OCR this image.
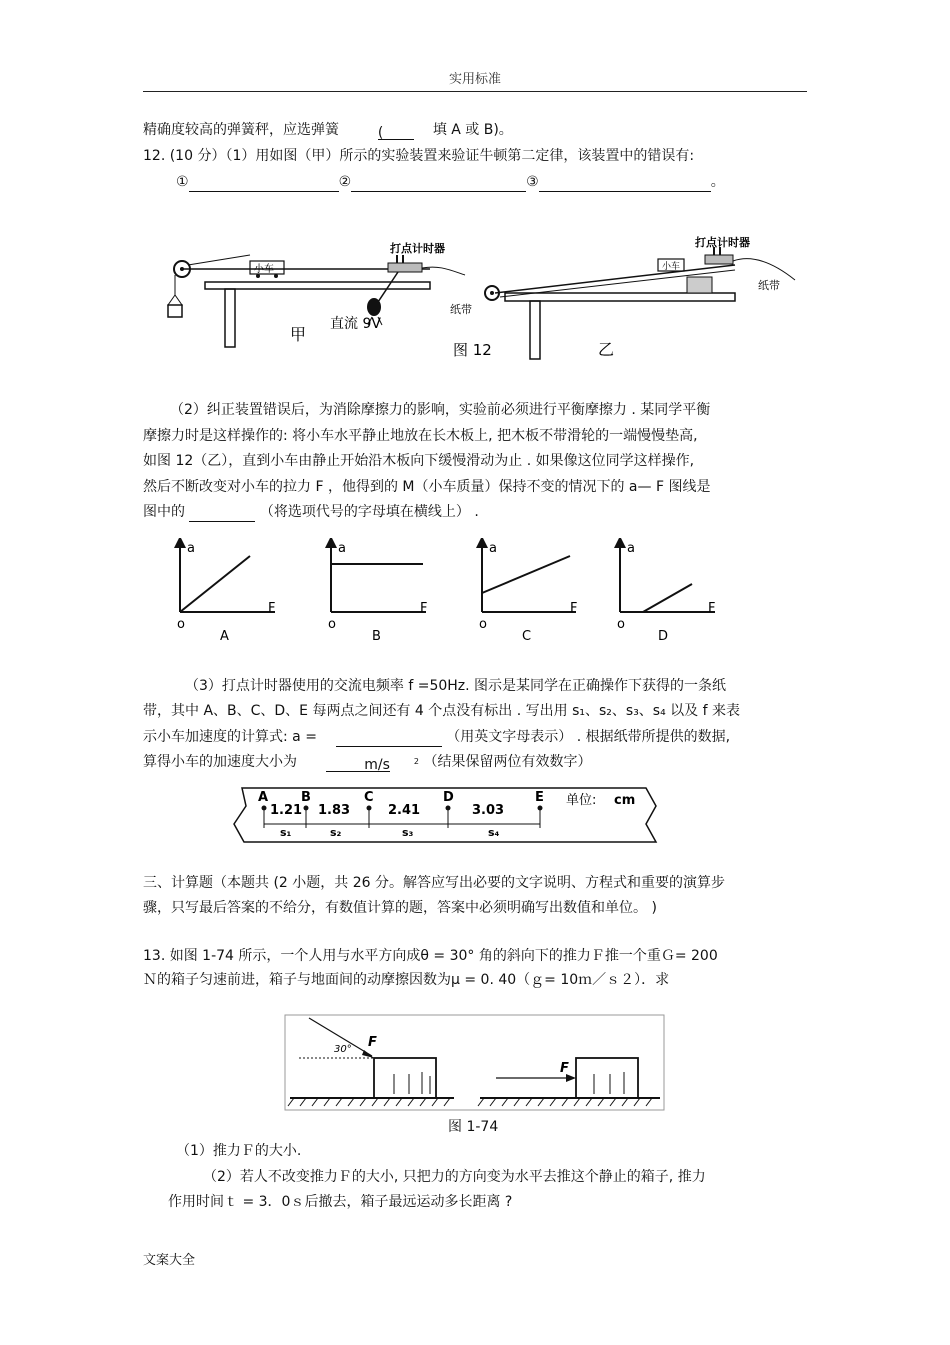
实用标准
精确度较高的弹簧秤，应选弹簧	(	填 A 或 B)。
12. (10 分）（1）用如图（甲）所示的实验装置来验证牛顿第二定律，该装置中的错误有:
①	②	③	。
小车
打点计时器
直流 9V
纸带
甲
小车
打点计时器
纸带
乙
图 12
（2）纠正装置错误后，为消除摩擦力的影响，实验前必须进行平衡摩擦力 . 某同学平衡
摩擦力时是这样操作的: 将小车水平静止地放在长木板上, 把木板不带滑轮的一端慢慢垫高,
如图 12（乙），直到小车由静止开始沿木板向下缓慢滑动为止 . 如果像这位同学这样操作,
然后不断改变对小车的拉力 F ，他得到的 M（小车质量）保持不变的情况下的 a— F 图线是
图中的	（将选项代号的字母填在横线上） .
a
F
o
A
a
F
o
B
a
F
o
C
a
F
o
D
（3）打点计时器使用的交流电频率 f =50Hz. 图示是某同学在正确操作下获得的一条纸
带，其中 A、B、C、D、E 每两点之间还有 4 个点没有标出 . 写出用 s₁、s₂、s₃、s₄ 以及 f 来表
示小车加速度的计算式: a =	（用英文字母表示） . 根据纸带所提供的数据,
算得小车的加速度大小为	m/s	$^2$ （结果保留两位有效数字）
A	B	C	D	E
1.21 1.83	2.41	3.03
s₁	s₂	s₃	s₄
单位: cm
三、计算题（本题共 (2 小题，共 26 分。解答应写出必要的文字说明、方程式和重要的演算步
骤，只写最后答案的不给分，有数值计算的题，答案中必须明确写出数值和单位。 )
13. 如图 1-74 所示，一个人用与水平方向成θ = 30° 角的斜向下的推力Ｆ推一个重Ｇ= 200
Ｎ的箱子匀速前进，箱子与地面间的动摩擦因数为μ = 0. 40（ｇ= 10ｍ／ｓ２）．求
30° F
F
图 1-74
（1）推力Ｆ的大小.
（2）若人不改变推力Ｆ的大小, 只把力的方向变为水平去推这个静止的箱子, 推力
作用时间ｔ = 3．0ｓ后撤去，箱子最远运动多长距离 ?
文案大全
